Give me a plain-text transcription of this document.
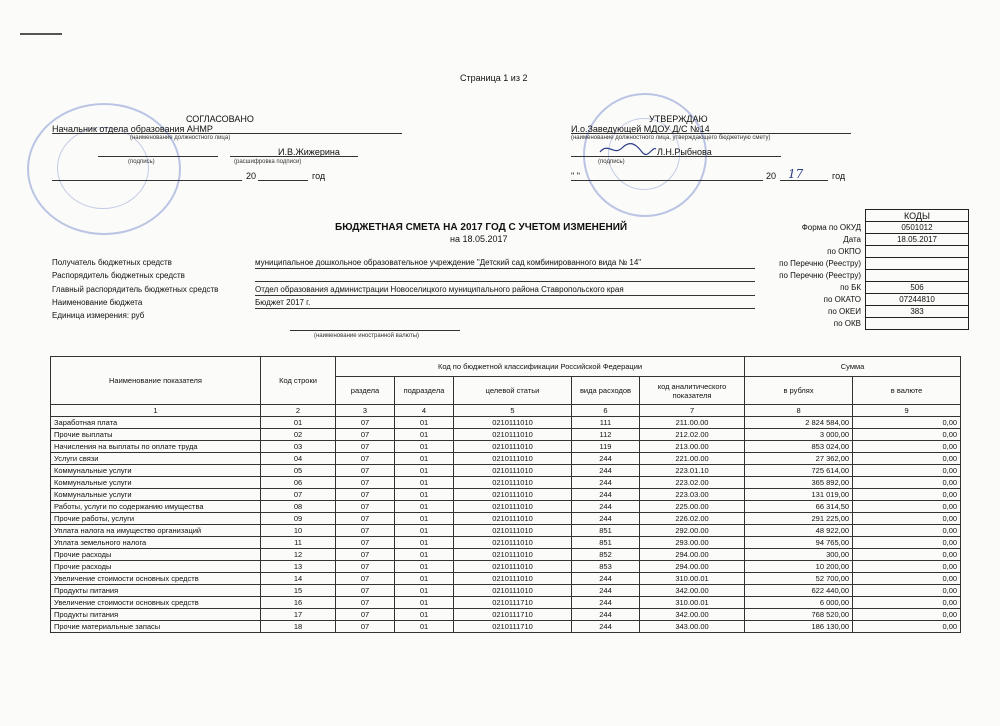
Страница 1 из 2
СОГЛАСОВАНО
Начальник отдела образования АНМР
(наименование должностного лица)
И.В.Жижерина
(подпись)	(расшифровка подписи)
20	год
УТВЕРЖДАЮ
И.о.Заведующей МДОУ Д/С №14
(наименование должностного лица, утверждающего бюджетную смету)
Л.Н.Рыбнова
(подпись)
" "	20 17	год
БЮДЖЕТНАЯ СМЕТА НА 2017 ГОД С УЧЕТОМ ИЗМЕНЕНИЙ
на 18.05.2017
	КОДЫ
Форма по ОКУД	0501012
Дата	18.05.2017
по ОКПО	
по Перечню (Реестру)	
по Перечню (Реестру)	
по БК	506
по ОКАТО	07244810
по ОКЕИ	383
по ОКВ	
Получатель бюджетных средств	муниципальное дошкольное образовательное учреждение "Детский сад комбинированного вида № 14"
Распорядитель бюджетных средств
Главный распорядитель бюджетных средств	Отдел образования администрации Новоселицкого муниципального района Ставропольского края
Наименование бюджета	Бюджет 2017 г.
Единица измерения: руб
(наименование иностранной валюты)
Наименование показателя	Код строки	Код по бюджетной классификации Российской Федерации					Сумма	
		раздела	подраздела	целевой статьи	вида расходов	код аналитического показателя	в рублях	в валюте
1	2	3	4	5	6	7	8	9
Заработная плата	01	07	01	0210111010	111	211.00.00	2 824 584,00	0,00
Прочие выплаты	02	07	01	0210111010	112	212.02.00	3 000,00	0,00
Начисления на выплаты по оплате труда	03	07	01	0210111010	119	213.00.00	853 024,00	0,00
Услуги связи	04	07	01	0210111010	244	221.00.00	27 362,00	0,00
Коммунальные услуги	05	07	01	0210111010	244	223.01.10	725 614,00	0,00
Коммунальные услуги	06	07	01	0210111010	244	223.02.00	365 892,00	0,00
Коммунальные услуги	07	07	01	0210111010	244	223.03.00	131 019,00	0,00
Работы, услуги по содержанию имущества	08	07	01	0210111010	244	225.00.00	66 314,50	0,00
Прочие работы, услуги	09	07	01	0210111010	244	226.02.00	291 225,00	0,00
Уплата налога на имущество организаций	10	07	01	0210111010	851	292.00.00	48 922,00	0,00
Уплата земельного налога	11	07	01	0210111010	851	293.00.00	94 765,00	0,00
Прочие расходы	12	07	01	0210111010	852	294.00.00	300,00	0,00
Прочие расходы	13	07	01	0210111010	853	294.00.00	10 200,00	0,00
Увеличение стоимости основных средств	14	07	01	0210111010	244	310.00.01	52 700,00	0,00
Продукты питания	15	07	01	0210111010	244	342.00.00	622 440,00	0,00
Увеличение стоимости основных средств	16	07	01	0210111710	244	310.00.01	6 000,00	0,00
Продукты питания	17	07	01	0210111710	244	342.00.00	768 520,00	0,00
Прочие материальные запасы	18	07	01	0210111710	244	343.00.00	186 130,00	0,00
